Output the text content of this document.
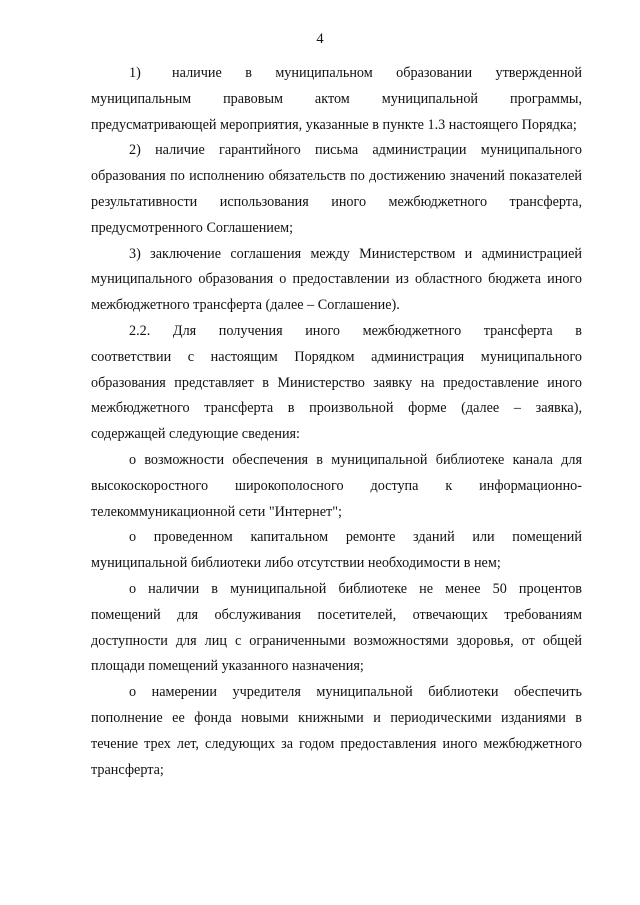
4

1)    наличие   в   муниципальном   образовании   утвержденной муниципальным правовым актом муниципальной программы, предусматривающей мероприятия, указанные в пункте 1.3 настоящего Порядка;

2) наличие гарантийного письма администрации муниципального образования по исполнению обязательств по достижению значений показателей результативности использования иного межбюджетного трансферта, предусмотренного Соглашением;

3) заключение соглашения между Министерством и администрацией муниципального образования о предоставлении из областного бюджета иного межбюджетного трансферта (далее – Соглашение).

2.2.   Для   получения   иного   межбюджетного   трансферта   в соответствии с настоящим Порядком администрация муниципального образования представляет в Министерство заявку на предоставление иного межбюджетного трансферта в произвольной форме (далее – заявка), содержащей следующие сведения:

о возможности обеспечения в муниципальной библиотеке канала для высокоскоростного широкополосного доступа к информационно-телекоммуникационной сети "Интернет";

о проведенном капитальном ремонте зданий или помещений муниципальной библиотеки либо отсутствии необходимости в нем;

о наличии в муниципальной библиотеке не менее 50 процентов помещений для обслуживания посетителей, отвечающих требованиям доступности для лиц с ограниченными возможностями здоровья, от общей площади помещений указанного назначения;

о намерении учредителя муниципальной библиотеки обеспечить пополнение ее фонда новыми книжными и периодическими изданиями в течение трех лет, следующих за годом предоставления иного межбюджетного трансферта;
